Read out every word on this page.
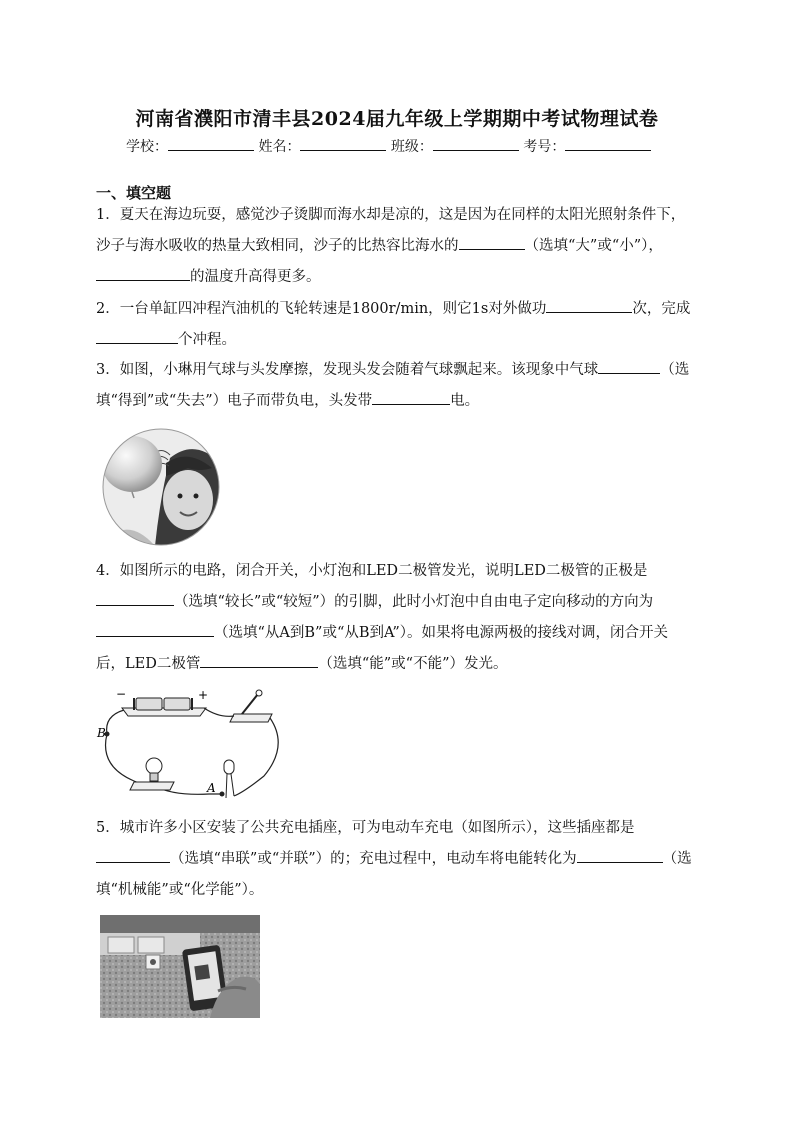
河南省濮阳市清丰县2024届九年级上学期期中考试物理试卷
学校：	姓名：	班级：	考号：
一、填空题
1．夏天在海边玩耍，感觉沙子烫脚而海水却是凉的，这是因为在同样的太阳光照射条件下，沙子与海水吸收的热量大致相同，沙子的比热容比海水的	（选填“大”或“小”），的温度升高得更多。
2．一台单缸四冲程汽油机的飞轮转速是1800r/min，则它1s对外做功	次，完成个冲程。
3．如图，小琳用气球与头发摩擦，发现头发会随着气球飘起来。该现象中气球	（选填“得到”或“失去”）电子而带负电，头发带	电。
4．如图所示的电路，闭合开关，小灯泡和LED二极管发光，说明LED二极管的正极是（选填“较长”或“较短”）的引脚，此时小灯泡中自由电子定向移动的方向为（选填“从A到B”或“从B到A”）。如果将电源两极的接线对调，闭合开关后，LED二极管	（选填“能”或“不能”）发光。
−	+
B
A
5．城市许多小区安装了公共充电插座，可为电动车充电（如图所示），这些插座都是（选填“串联”或“并联”）的；充电过程中，电动车将电能转化为	（选填“机械能”或“化学能”）。
